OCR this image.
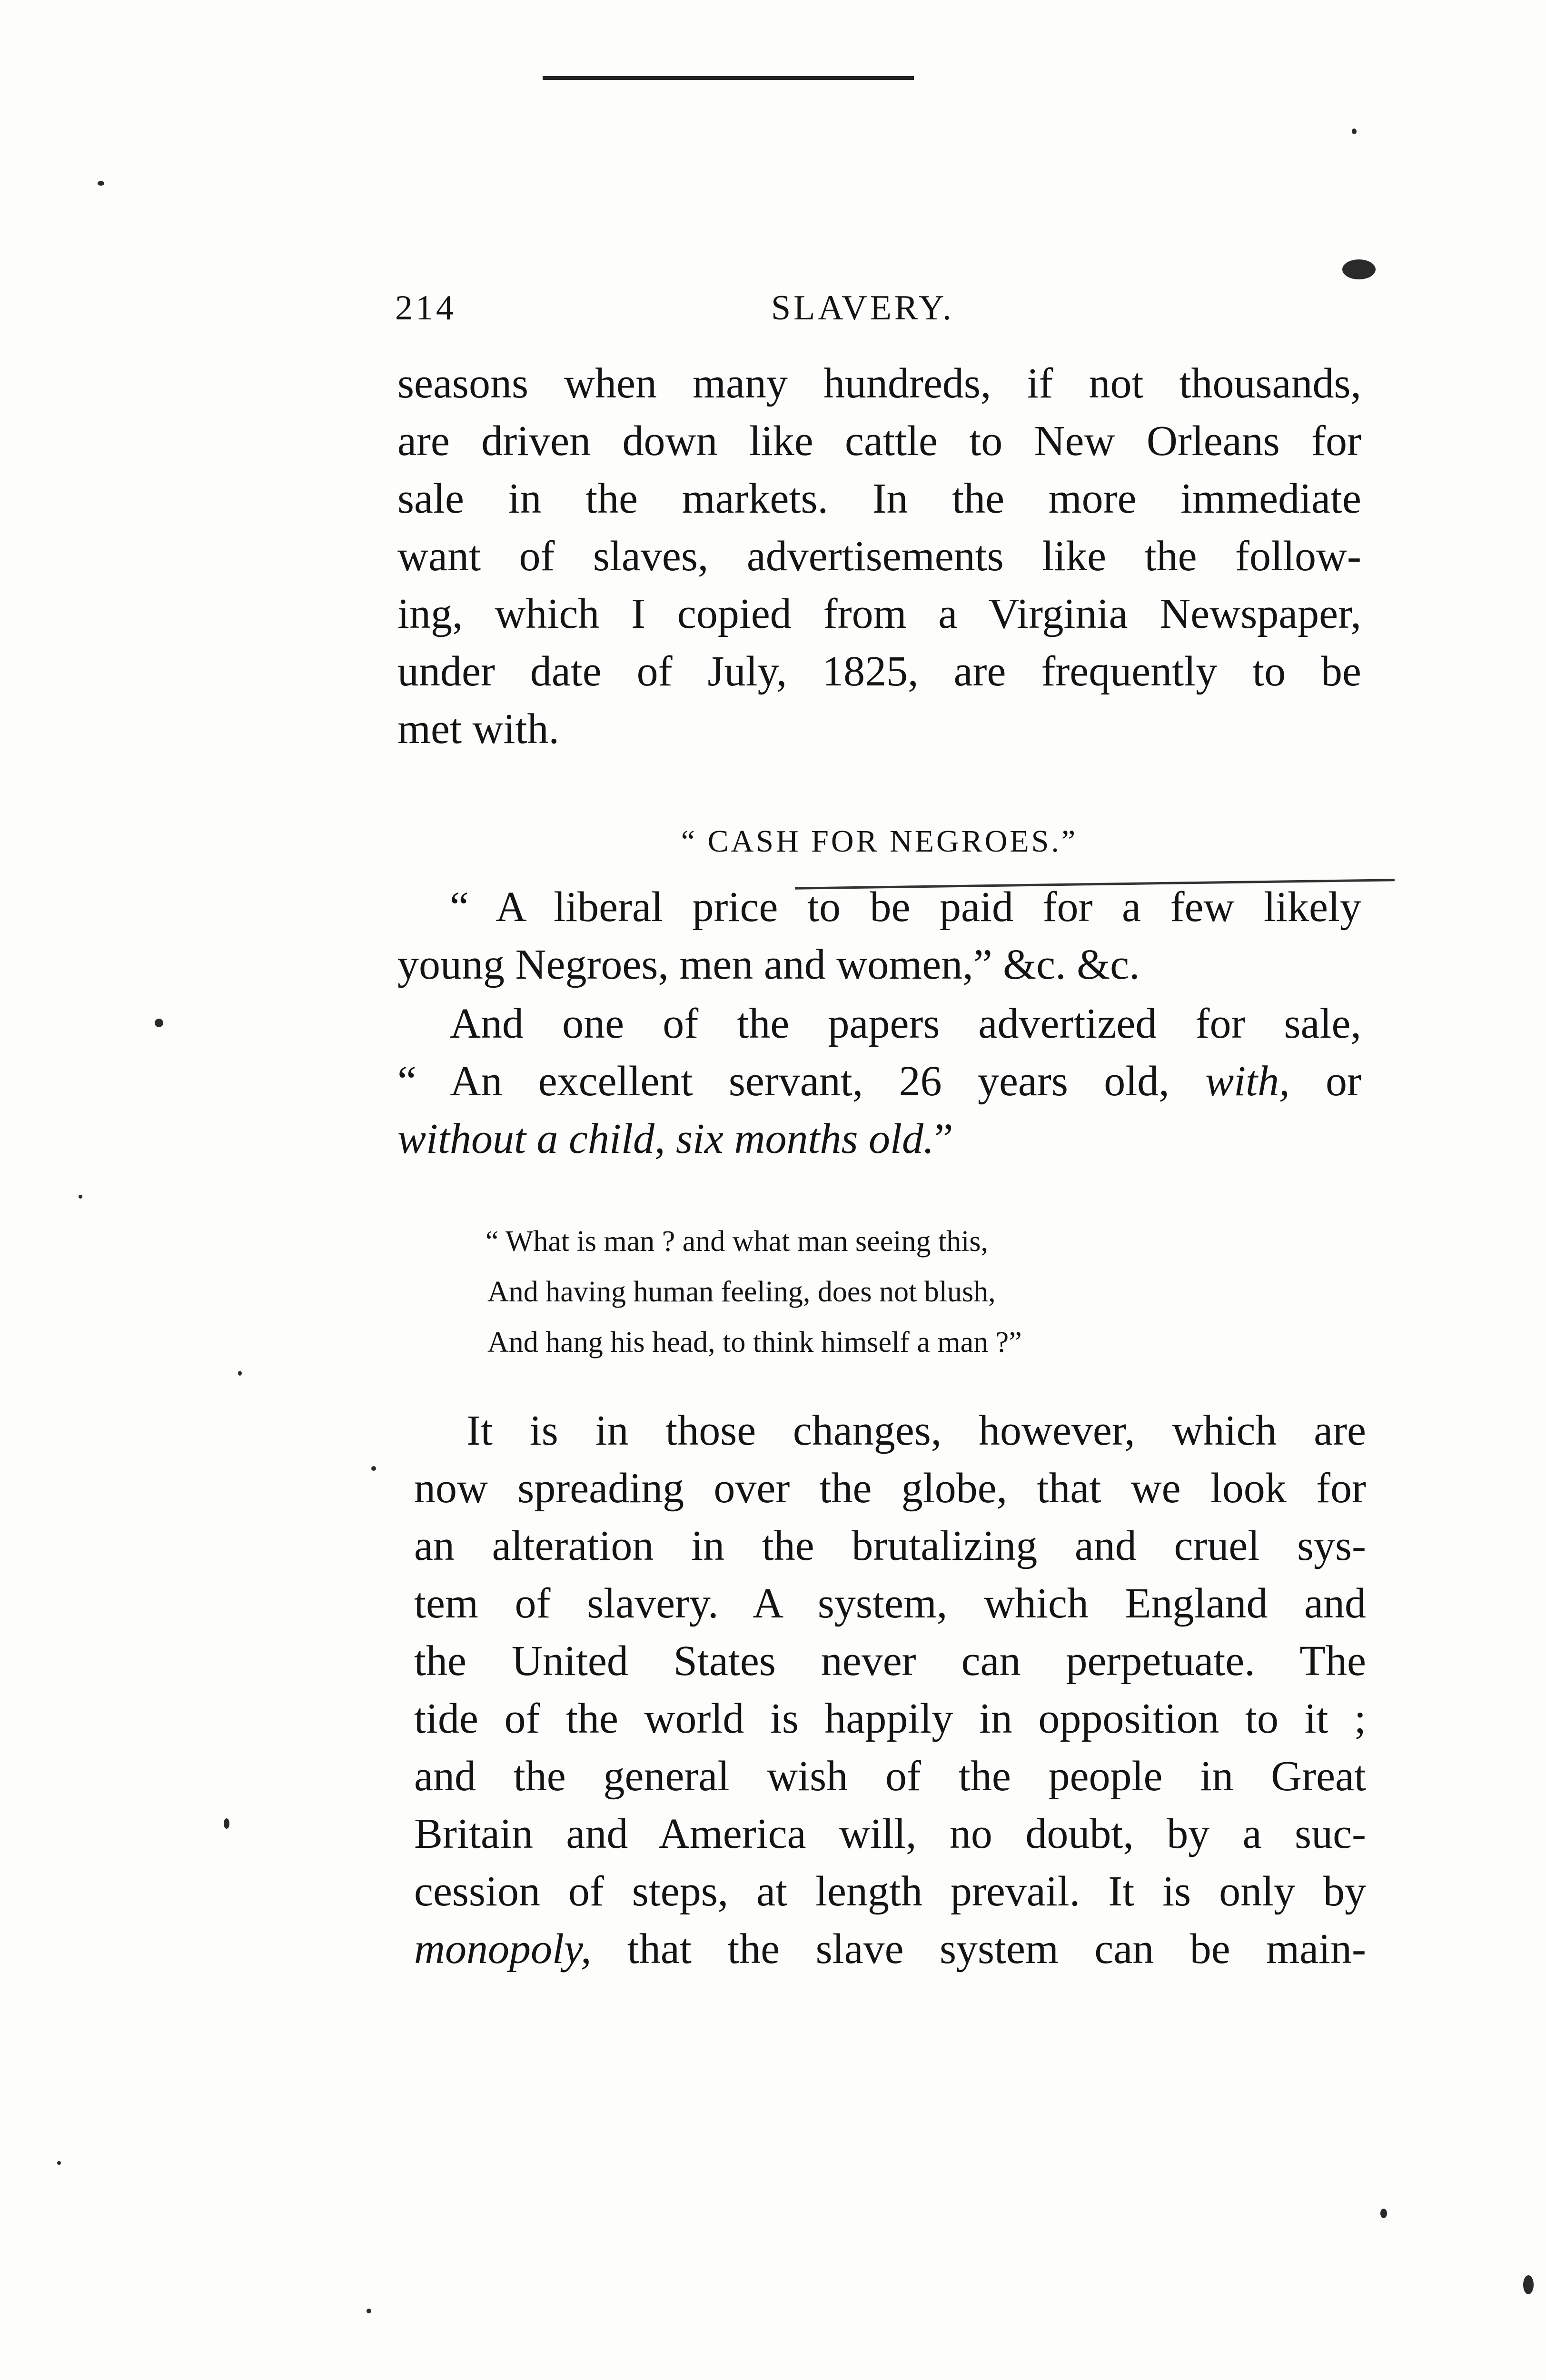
214	SLAVERY.
seasons when many hundreds, if not thousands,
are driven down like cattle to New Orleans for
sale in the markets. In the more immediate
want of slaves, advertisements like the follow-
ing, which I copied from a Virginia Newspaper,
under date of July, 1825, are frequently to be
met with.
“ CASH FOR NEGROES.”
“ A liberal price to be paid for a few likely
young Negroes, men and women,” &c. &c.
And one of the papers advertized for sale,
“ An excellent servant, 26 years old, with, or
without a child, six months old.”
“ What is man ? and what man seeing this,
And having human feeling, does not blush,
And hang his head, to think himself a man ?”
It is in those changes, however, which are
now spreading over the globe, that we look for
an alteration in the brutalizing and cruel sys-
tem of slavery. A system, which England and
the United States never can perpetuate. The
tide of the world is happily in opposition to it ;
and the general wish of the people in Great
Britain and America will, no doubt, by a suc-
cession of steps, at length prevail. It is only by
monopoly, that the slave system can be main-
